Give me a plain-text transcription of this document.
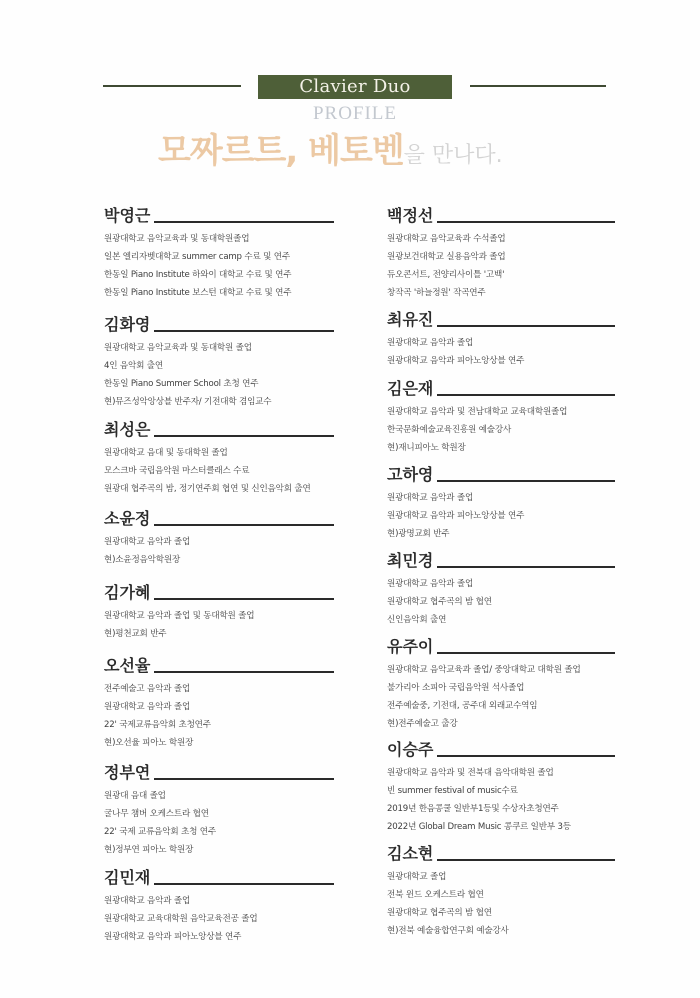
Clavier Duo
PROFILE
모짜르트, 베토벤을 만나다.
박영근
원광대학교 음악교육과 및 동대학원졸업
일본 엘리자벳대학교 summer camp 수료 및 연주
한동일 Piano Institute 하와이 대학교 수료 및 연주
한동일 Piano Institute 보스턴 대학교 수료 및 연주
김화영
원광대학교 음악교육과 및 동대학원 졸업
4인 음악회 출연
한동일 Piano Summer School 초청 연주
현)뮤즈성악앙상블 반주자/ 기전대학 겸임교수
최성은
원광대학교 음대 및 동대학원 졸업
모스크바 국립음악원 마스터클래스 수료
원광대 협주곡의 밤, 정기연주회 협연 및 신인음악회 출연
소윤정
원광대학교 음악과 졸업
현)소윤정음악학원장
김가혜
원광대학교 음악과 졸업 및 동대학원 졸업
현)평천교회 반주
오선율
전주예술고 음악과 졸업
원광대학교 음악과 졸업
22' 국제교류음악회 초청연주
현)오선율 피아노 학원장
정부연
원광대 음대 졸업
굴나무 챔버 오케스트라 협연
22' 국제 교류음악회 초청 연주
현)정부연 피아노 학원장
김민재
원광대학교 음악과 졸업
원광대학교 교육대학원 음악교육전공 졸업
원광대학교 음악과 피아노앙상블 연주
백정선
원광대학교 음악교육과 수석졸업
원광보건대학교 실용음악과 졸업
듀오콘서트, 전양리사이틀 '고백'
창작곡 '하늘정원' 작곡연주
최유진
원광대학교 음악과 졸업
원광대학교 음악과 피아노앙상블 연주
김은재
원광대학교 음악과 및 전남대학교 교육대학원졸업
한국문화예술교육진흥원 예술강사
현)재니피아노 학원장
고하영
원광대학교 음악과 졸업
원광대학교 음악과 피아노앙상블 연주
현)광명교회 반주
최민경
원광대학교 음악과 졸업
원광대학교 협주곡의 밤 협연
신인음악회 출연
유주이
원광대학교 음악교육과 졸업/ 중앙대학교 대학원 졸업
불가리아 소피아 국립음악원 석사졸업
전주예술중, 기전대, 공주대 외래교수역임
현)전주예술고 출강
이승주
원광대학교 음악과 및 전북대 음악대학원 졸업
빈 summer festival of music수료
2019년 한음콩쿨 일반부1등및 수상자초청연주
2022년 Global Dream Music 콩쿠르 일반부 3등
김소현
원광대학교 졸업
전북 윈드 오케스트라 협연
원광대학교 협주곡의 밤 협연
현)전북 예술융합연구회 예술강사
